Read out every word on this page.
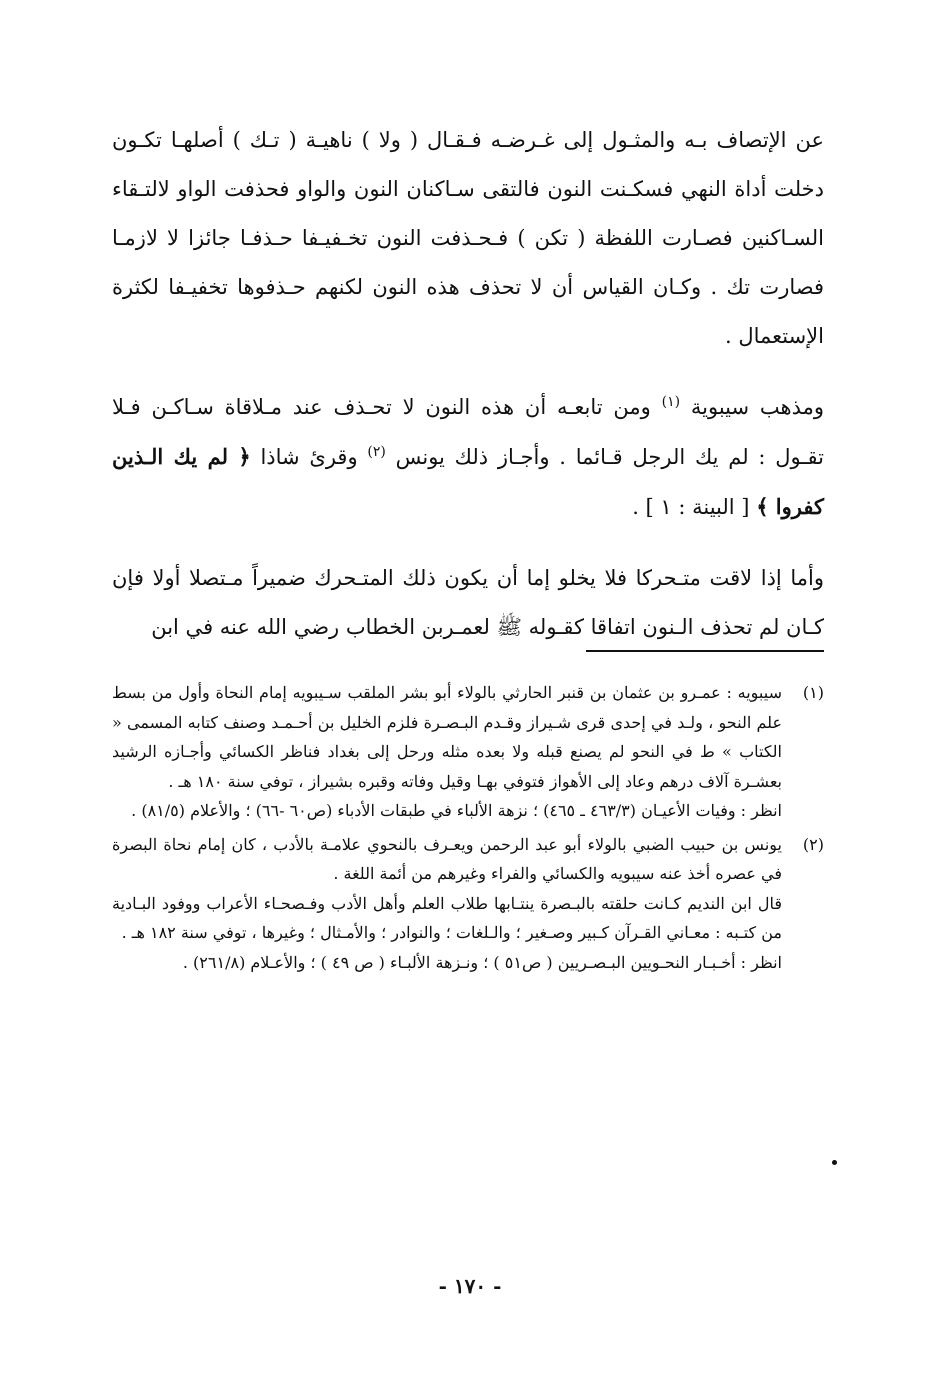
عن الإتصاف بـه والمثـول إلى غـرضـه فـقـال ( ولا ) ناهيـة ( تـك ) أصلهـا تكـون دخلت أداة النهي فسكـنت النون فالتقى سـاكنان النون والواو فحذفت الواو لالتـقاء السـاكنين فصـارت اللفظة ( تكن ) فـحـذفت النون تخـفيـفا حـذفـا جائزا لا لازمـا فصارت تك . وكـان القياس أن لا تحذف هذه النون لكنهم حـذفوها تخفيـفا لكثرة الإستعمال .

ومذهب سيبوية $^{(١)}$ ومن تابعـه أن هذه النون لا تحـذف عند مـلاقاة سـاكـن فـلا تقـول : لم يك الرجل قـائما . وأجـاز ذلك يونس $^{(٢)}$ وقرئ شاذا ﴿ لم يك الـذين كفروا ﴾ [ البينة : ١ ] .

وأما إذا لاقت متـحركا فلا يخلو إما أن يكون ذلك المتـحرك ضميراً مـتصلا أولا فإن كـان لم تحذف الـنون اتفاقا كقـوله ﷺ لعمـربن الخطاب رضي الله عنه في ابن

(١)
سيبويه : عمـرو بن عثمان بن قنبر الحارثي بالولاء أبو بشر الملقب سـيبويه إمام النحاة وأول من بسط علم النحو ، ولـد في إحدى قرى شـيراز وقـدم البـصـرة فلزم الخليل بن أحـمـد وصنف كتابه المسمى « الكتاب » ط في النحو لم يصنع قبله ولا بعده مثله ورحل إلى بغداد فناظر الكسائي وأجـازه الرشيد بعشـرة آلاف درهم وعاد إلى الأهواز فتوفي بهـا وقيل وفاته وقبره بشيراز ، توفي سنة ١٨٠ هـ .
انظر : وفيات الأعيـان (٤٦٣/٣ ـ ٤٦٥) ؛ نزهة الألباء في طبقات الأدباء (ص٦٠ -٦٦) ؛ والأعلام (٨١/٥) .
(٢)
يونس بن حبيب الضبي بالولاء أبو عبد الرحمن ويعـرف بالنحوي علامـة بالأدب ، كان إمام نحاة البصرة في عصره أخذ عنه سيبويه والكسائي والفراء وغيرهم من أئمة اللغة .
قال ابن النديم كـانت حلقته بالبـصرة ينتـابها طلاب العلم وأهل الأدب وفـصحـاء الأعراب ووفود البـادية من كتـبه : معـاني القـرآن كـبير وصـغير ؛ والـلغات ؛ والنوادر ؛ والأمـثال ؛ وغيرها ، توفي سنة ١٨٢ هـ .
انظر : أخـبـار النحـويين البـصـريين ( ص٥١ ) ؛ ونـزهة الألبـاء ( ص ٤٩ ) ؛ والأعـلام (٢٦١/٨) .
- ١٧٠ -
